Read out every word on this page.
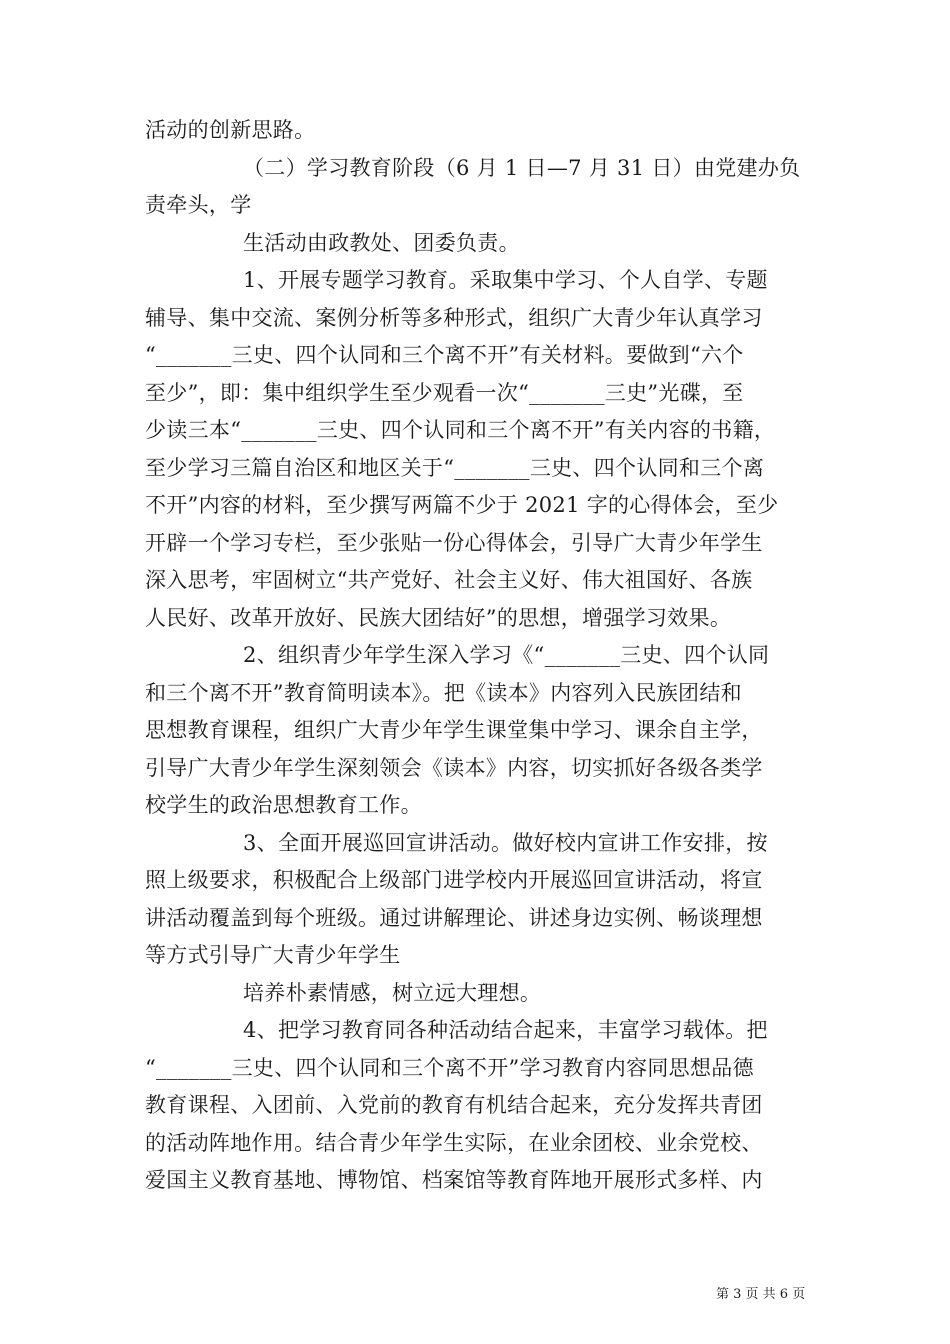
活动的创新思路。
（二）学习教育阶段（6 月 1 日—7 月 31 日）由党建办负
责牵头，学
生活动由政教处、团委负责。
1、开展专题学习教育。采取集中学习、个人自学、专题
辅导、集中交流、案例分析等多种形式，组织广大青少年认真学习
“_______三史、四个认同和三个离不开”有关材料。要做到“六个
至少”，即：集中组织学生至少观看一次“_______三史”光碟，至
少读三本“_______三史、四个认同和三个离不开”有关内容的书籍，
至少学习三篇自治区和地区关于“_______三史、四个认同和三个离
不开”内容的材料，至少撰写两篇不少于 2021 字的心得体会，至少
开辟一个学习专栏，至少张贴一份心得体会，引导广大青少年学生
深入思考，牢固树立“共产党好、社会主义好、伟大祖国好、各族
人民好、改革开放好、民族大团结好”的思想，增强学习效果。
2、组织青少年学生深入学习《“_______三史、四个认同
和三个离不开”教育简明读本》。把《读本》内容列入民族团结和
思想教育课程，组织广大青少年学生课堂集中学习、课余自主学，
引导广大青少年学生深刻领会《读本》内容，切实抓好各级各类学
校学生的政治思想教育工作。
3、全面开展巡回宣讲活动。做好校内宣讲工作安排，按
照上级要求，积极配合上级部门进学校内开展巡回宣讲活动，将宣
讲活动覆盖到每个班级。通过讲解理论、讲述身边实例、畅谈理想
等方式引导广大青少年学生
培养朴素情感，树立远大理想。
4、把学习教育同各种活动结合起来，丰富学习载体。把
“_______三史、四个认同和三个离不开”学习教育内容同思想品德
教育课程、入团前、入党前的教育有机结合起来，充分发挥共青团
的活动阵地作用。结合青少年学生实际，在业余团校、业余党校、
爱国主义教育基地、博物馆、档案馆等教育阵地开展形式多样、内
第 3 页 共 6 页
